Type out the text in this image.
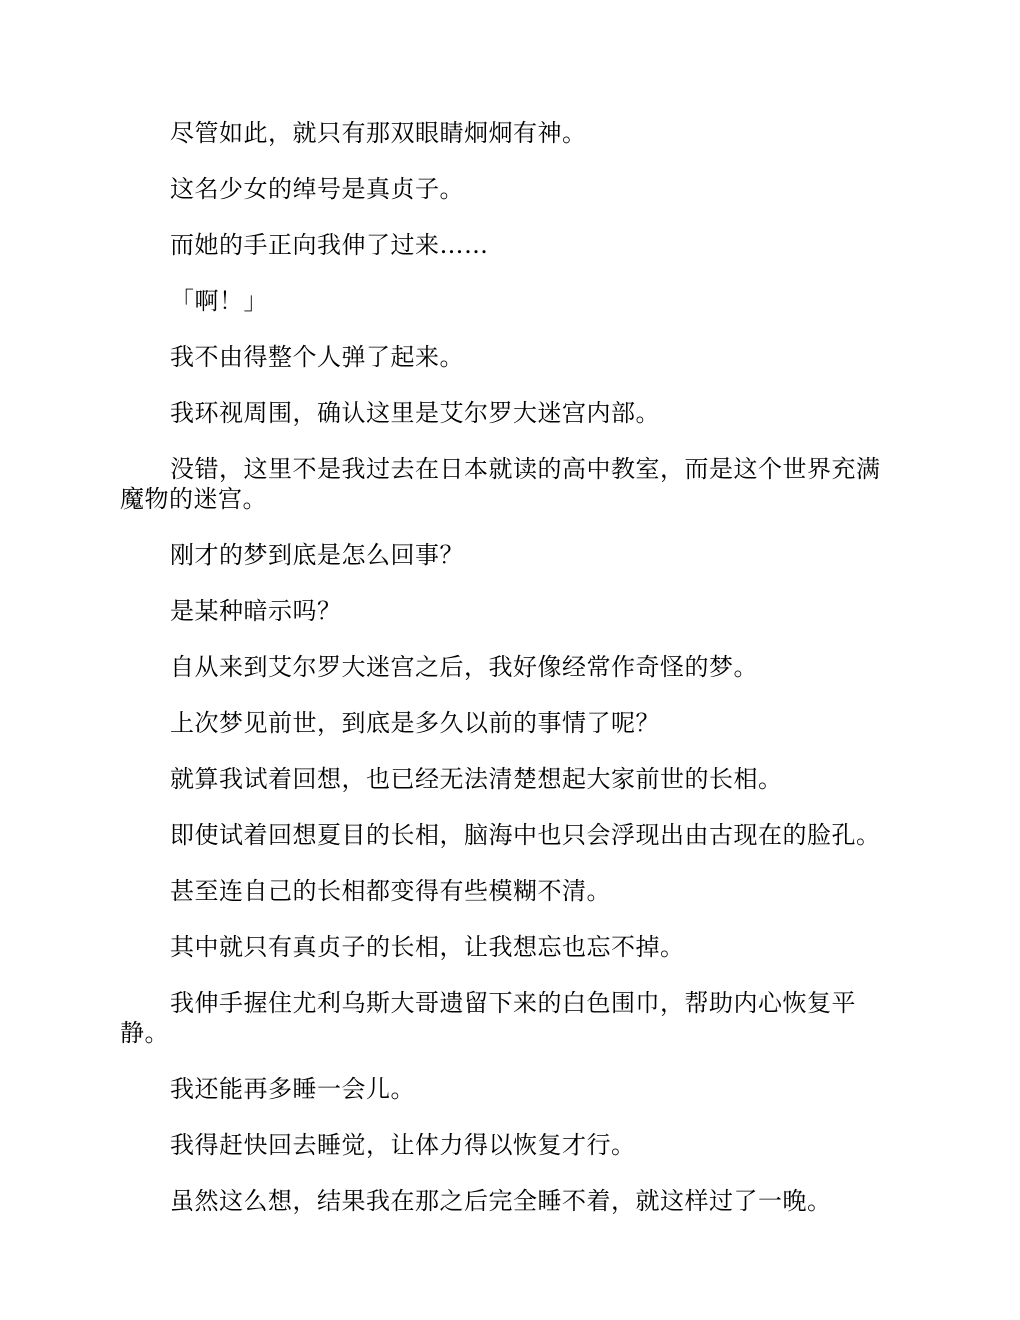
尽管如此，就只有那双眼睛炯炯有神。

这名少女的绰号是真贞子。

而她的手正向我伸了过来……

「啊！」

我不由得整个人弹了起来。

我环视周围，确认这里是艾尔罗大迷宫内部。

没错，这里不是我过去在日本就读的高中教室，而是这个世界充满魔物的迷宫。

刚才的梦到底是怎么回事？

是某种暗示吗？

自从来到艾尔罗大迷宫之后，我好像经常作奇怪的梦。

上次梦见前世，到底是多久以前的事情了呢？

就算我试着回想，也已经无法清楚想起大家前世的长相。

即使试着回想夏目的长相，脑海中也只会浮现出由古现在的脸孔。

甚至连自己的长相都变得有些模糊不清。

其中就只有真贞子的长相，让我想忘也忘不掉。

我伸手握住尤利乌斯大哥遗留下来的白色围巾，帮助内心恢复平静。

我还能再多睡一会儿。

我得赶快回去睡觉，让体力得以恢复才行。

虽然这么想，结果我在那之后完全睡不着，就这样过了一晚。
